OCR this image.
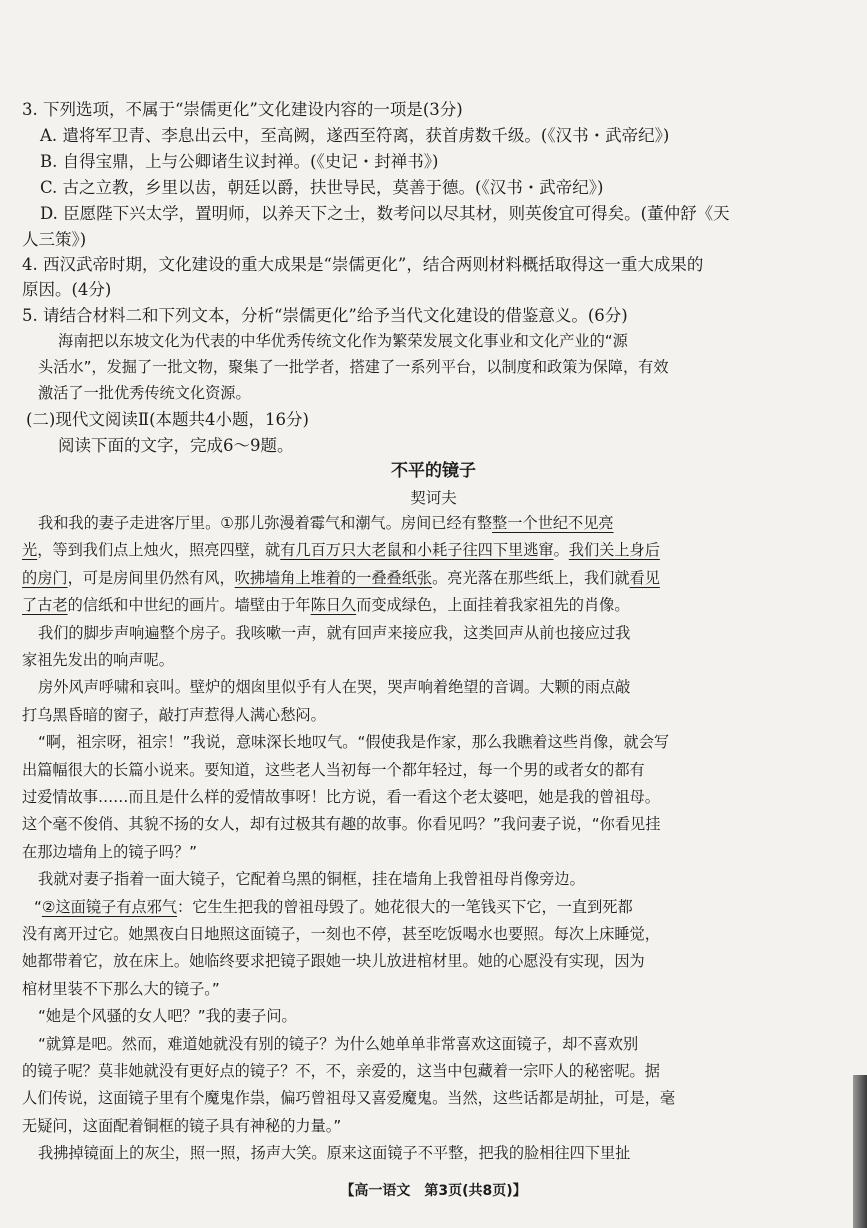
3. 下列选项，不属于“崇儒更化”文化建设内容的一项是(3分)
A. 遣将军卫青、李息出云中，至高阙，遂西至符离，获首虏数千级。(《汉书・武帝纪》)
B. 自得宝鼎，上与公卿诸生议封禅。(《史记・封禅书》)
C. 古之立教，乡里以齿，朝廷以爵，扶世导民，莫善于德。(《汉书・武帝纪》)
D. 臣愿陛下兴太学，置明师，以养天下之士，数考问以尽其材，则英俊宜可得矣。(董仲舒《天
人三策》)
4. 西汉武帝时期，文化建设的重大成果是“崇儒更化”，结合两则材料概括取得这一重大成果的
原因。(4分)
5. 请结合材料二和下列文本，分析“崇儒更化”给予当代文化建设的借鉴意义。(6分)
海南把以东坡文化为代表的中华优秀传统文化作为繁荣发展文化事业和文化产业的“源
头活水”，发掘了一批文物，聚集了一批学者，搭建了一系列平台，以制度和政策为保障，有效
激活了一批优秀传统文化资源。
(二)现代文阅读Ⅱ(本题共4小题，16分)
阅读下面的文字，完成6～9题。
不平的镜子
契诃夫
我和我的妻子走进客厅里。①那儿弥漫着霉气和潮气。房间已经有整整一个世纪不见亮
光，等到我们点上烛火，照亮四壁，就有几百万只大老鼠和小耗子往四下里逃窜。我们关上身后
的房门，可是房间里仍然有风，吹拂墙角上堆着的一叠叠纸张。亮光落在那些纸上，我们就看见
了古老的信纸和中世纪的画片。墙壁由于年陈日久而变成绿色，上面挂着我家祖先的肖像。
我们的脚步声响遍整个房子。我咳嗽一声，就有回声来接应我，这类回声从前也接应过我
家祖先发出的响声呢。
房外风声呼啸和哀叫。壁炉的烟囱里似乎有人在哭，哭声响着绝望的音调。大颗的雨点敲
打乌黑昏暗的窗子，敲打声惹得人满心愁闷。
“啊，祖宗呀，祖宗！”我说，意味深长地叹气。“假使我是作家，那么我瞧着这些肖像，就会写
出篇幅很大的长篇小说来。要知道，这些老人当初每一个都年轻过，每一个男的或者女的都有
过爱情故事……而且是什么样的爱情故事呀！比方说，看一看这个老太婆吧，她是我的曾祖母。
这个毫不俊俏、其貌不扬的女人，却有过极其有趣的故事。你看见吗？”我问妻子说，“你看见挂
在那边墙角上的镜子吗？”
我就对妻子指着一面大镜子，它配着乌黑的铜框，挂在墙角上我曾祖母肖像旁边。
“②这面镜子有点邪气：它生生把我的曾祖母毁了。她花很大的一笔钱买下它，一直到死都
没有离开过它。她黑夜白日地照这面镜子，一刻也不停，甚至吃饭喝水也要照。每次上床睡觉，
她都带着它，放在床上。她临终要求把镜子跟她一块儿放进棺材里。她的心愿没有实现，因为
棺材里装不下那么大的镜子。”
“她是个风骚的女人吧？”我的妻子问。
“就算是吧。然而，难道她就没有别的镜子？为什么她单单非常喜欢这面镜子，却不喜欢别
的镜子呢？莫非她就没有更好点的镜子？不，不，亲爱的，这当中包藏着一宗吓人的秘密呢。据
人们传说，这面镜子里有个魔鬼作祟，偏巧曾祖母又喜爱魔鬼。当然，这些话都是胡扯，可是，毫
无疑问，这面配着铜框的镜子具有神秘的力量。”
我拂掉镜面上的灰尘，照一照，扬声大笑。原来这面镜子不平整，把我的脸相往四下里扯
【高一语文　第3页(共8页)】
